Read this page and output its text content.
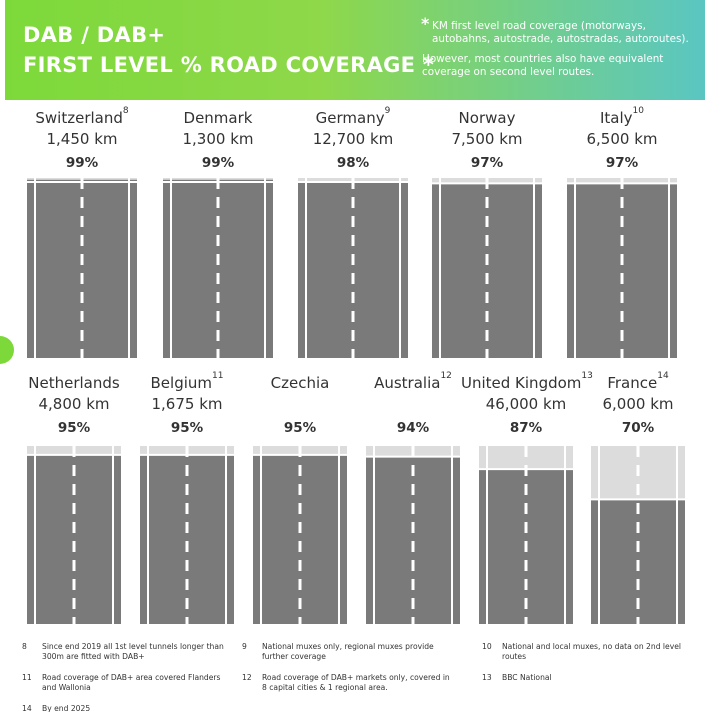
DAB / DAB+
FIRST LEVEL % ROAD COVERAGE *
* KM first level road coverage (motorways, autobahns, autostrade, autostradas, autoroutes).

However, most countries also have equivalent coverage on second level routes.

Switzerland$^8$
1,450 km
99%
Denmark
1,300 km
99%
Germany$^9$
12,700 km
98%
Norway
7,500 km
97%
Italy$^{10}$
6,500 km
97%
Netherlands
4,800 km
95%
Belgium$^{11}$
1,675 km
95%
Czechia

95%
Australia$^{12}$

94%
United Kingdom$^{13}$
46,000 km
87%
France$^{14}$
6,000 km
70%
8 Since end 2019 all 1st level tunnels longer than 300m are fitted with DAB+
9 National muxes only, regional muxes provide further coverage
10 National and local muxes, no data on 2nd level routes
11 Road coverage of DAB+ area covered Flanders and Wallonia
12 Road coverage of DAB+ markets only, covered in 8 capital cities & 1 regional area.
13 BBC National
14 By end 2025
